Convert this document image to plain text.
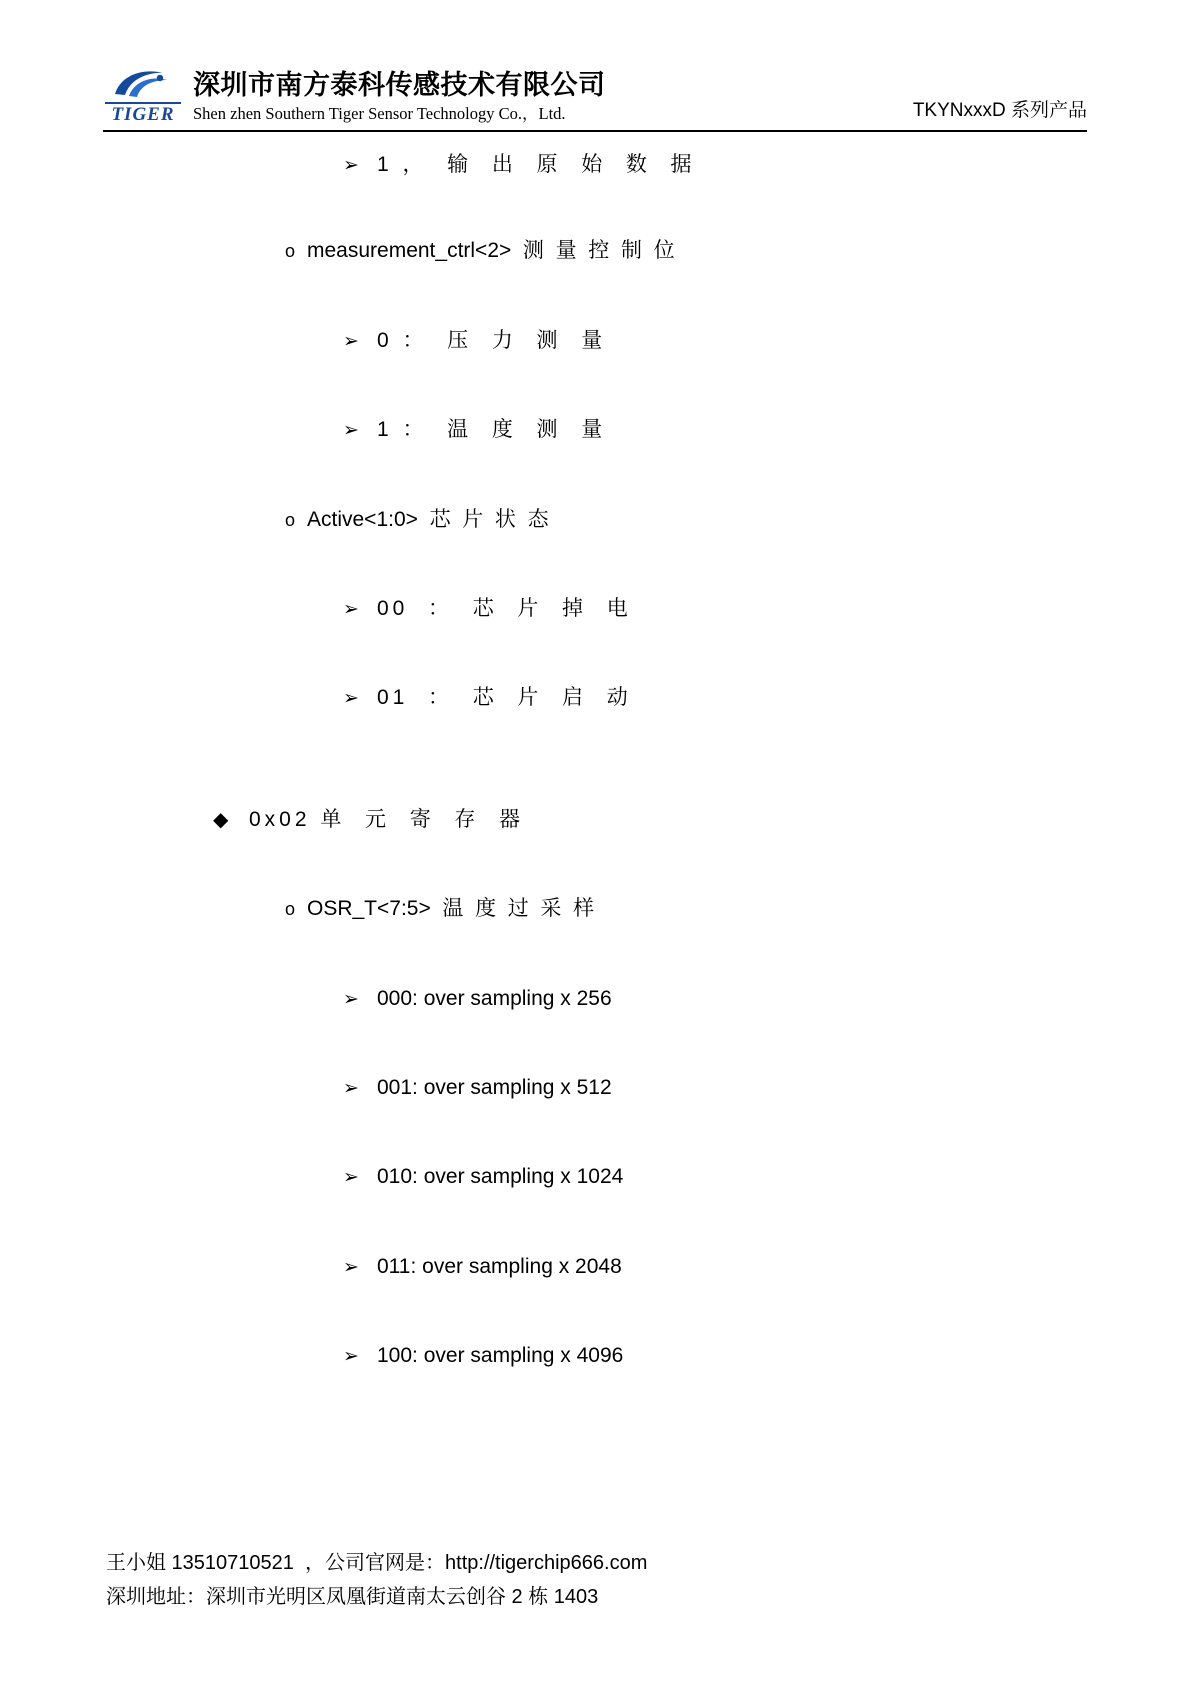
TIGER
深圳市南方泰科传感技术有限公司
Shen zhen Southern Tiger Sensor Technology Co.，Ltd.	TKYNxxxD 系列产品
➢ 1 ，  输  出  原  始  数  据
o measurement_ctrl<2>  测  量  控  制  位
➢ 0 ：  压  力  测  量
➢ 1 ：  温  度  测  量
o Active<1:0>  芯  片  状  态
➢ 00  ：  芯  片  掉  电
➢ 01  ：  芯  片  启  动
◆ 0x02 单  元  寄  存  器
o OSR_T<7:5>  温  度  过  采  样
➢ 000: over sampling x 256
➢ 001: over sampling x 512
➢ 010: over sampling x 1024
➢ 011: over sampling x 2048
➢ 100: over sampling x 4096
王小姐 13510710521  ，公司官网是：http://tigerchip666.com
深圳地址：深圳市光明区凤凰街道南太云创谷 2 栋 1403
